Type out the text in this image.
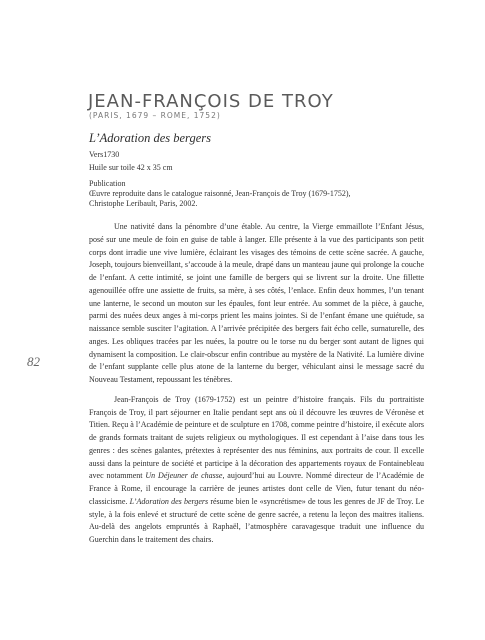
JEAN-FRANÇOIS DE TROY
(PARIS, 1679 – ROME, 1752)
L’Adoration des bergers
Vers1730
Huile sur toile 42 x 35 cm
Publication
Œuvre reproduite dans le catalogue raisonné, Jean-François de Troy (1679-1752),
Christophe Leribault, Paris, 2002.

Une nativité dans la pénombre d’une étable. Au centre, la Vierge emmaillote l’Enfant Jésus, posé sur une meule de foin en guise de table à langer. Elle présente à la vue des participants son petit corps dont irradie une vive lumière, éclairant les visages des témoins de cette scène sacrée. A gauche, Joseph, toujours bienveillant, s’accoude à la meule, drapé dans un manteau jaune qui prolonge la couche de l’enfant. A cette intimité, se joint une famille de bergers qui se livrent sur la droite. Une fillette agenouillée offre une assiette de fruits, sa mère, à ses côtés, l’enlace. Enfin deux hommes, l’un tenant une lanterne, le second un mouton sur les épaules, font leur entrée. Au sommet de la pièce, à gauche, parmi des nuées deux anges à mi-corps prient les mains jointes. Si de l’enfant émane une quiétude, sa naissance semble susciter l’agitation. A l’arrivée précipitée des bergers fait écho celle, surnaturelle, des anges. Les obliques tracées par les nuées, la poutre ou le torse nu du berger sont autant de lignes qui dynamisent la composition. Le clair-obscur enfin contribue au mystère de la Nativité. La lumière divine de l’enfant supplante celle plus atone de la lanterne du berger, véhiculant ainsi le message sacré du Nouveau Testament, repoussant les ténèbres.

Jean-François de Troy (1679-1752) est un peintre d’histoire français. Fils du portraitiste François de Troy, il part séjourner en Italie pendant sept ans où il découvre les œuvres de Véronèse et Titien. Reçu à l’Académie de peinture et de sculpture en 1708, comme peintre d’histoire, il exécute alors de grands formats traitant de sujets religieux ou mythologiques. Il est cependant à l’aise dans tous les genres : des scènes galantes, prétextes à représenter des nus féminins, aux portraits de cour. Il excelle aussi dans la peinture de société et participe à la décoration des appartements royaux de Fontainebleau avec notamment Un Déjeuner de chasse, aujourd’hui au Louvre. Nommé directeur de l’Académie de France à Rome, il encourage la carrière de jeunes artistes dont celle de Vien, futur tenant du néo-classicisme. L’Adoration des bergers résume bien le «syncrétisme» de tous les genres de JF de Troy. Le style, à la fois enlevé et structuré de cette scène de genre sacrée, a retenu la leçon des maitres italiens. Au-delà des angelots empruntés à Raphaël, l’atmosphère caravagesque traduit une influence du Guerchin dans le traitement des chairs.

82
